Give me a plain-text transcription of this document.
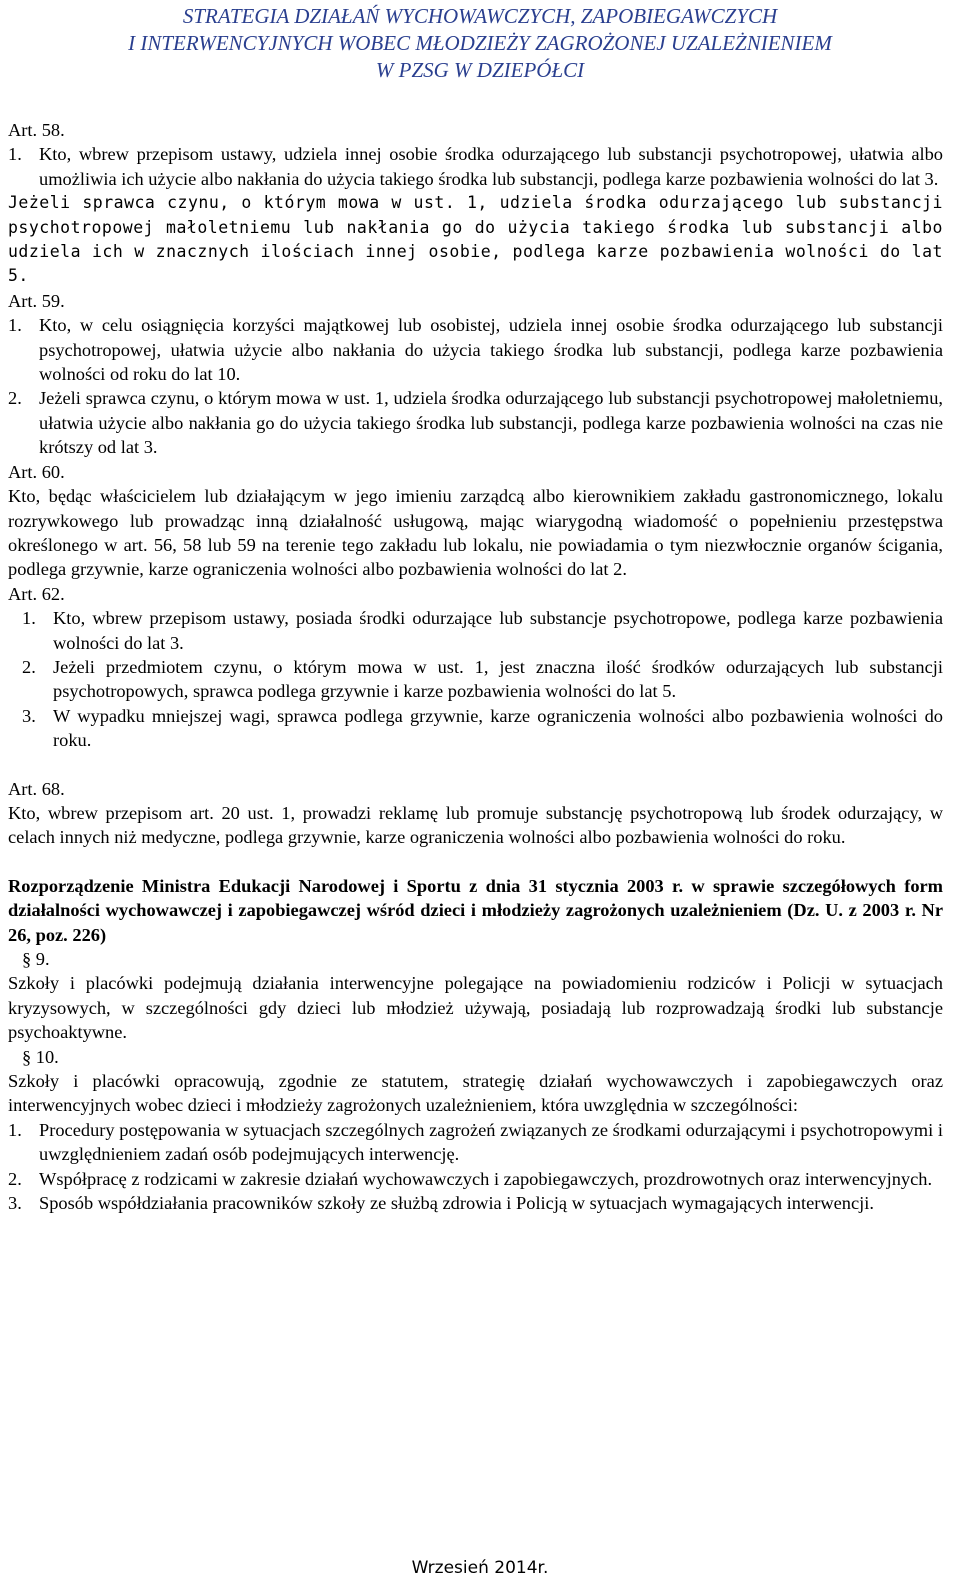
STRATEGIA DZIAŁAŃ WYCHOWAWCZYCH, ZAPOBIEGAWCZYCH
I INTERWENCYJNYCH WOBEC MŁODZIEŻY ZAGROŻONEJ UZALEŻNIENIEM
W PZSG W DZIEPÓŁCI

Art. 58.

1. Kto, wbrew przepisom ustawy, udziela innej osobie środka odurzającego lub substancji psychotropowej, ułatwia albo umożliwia ich użycie albo nakłania do użycia takiego środka lub substancji, podlega karze pozbawienia wolności do lat 3.

Jeżeli sprawca czynu, o którym mowa w ust. 1, udziela środka odurzającego lub substancji psychotropowej małoletniemu lub nakłania go do użycia takiego środka lub substancji albo udziela ich w znacznych ilościach innej osobie, podlega karze pozbawienia wolności do lat 5.

Art. 59.

1. Kto, w celu osiągnięcia korzyści majątkowej lub osobistej, udziela innej osobie środka odurzającego lub substancji psychotropowej, ułatwia użycie albo nakłania do użycia takiego środka lub substancji, podlega karze pozbawienia wolności od roku do lat 10.
2. Jeżeli sprawca czynu, o którym mowa w ust. 1, udziela środka odurzającego lub substancji psychotropowej małoletniemu, ułatwia użycie albo nakłania go do użycia takiego środka lub substancji, podlega karze pozbawienia wolności na czas nie krótszy od lat 3.

Art. 60.

Kto, będąc właścicielem lub działającym w jego imieniu zarządcą albo kierownikiem zakładu gastronomicznego, lokalu rozrywkowego lub prowadząc inną działalność usługową, mając wiarygodną wiadomość o popełnieniu przestępstwa określonego w art. 56, 58 lub 59 na terenie tego zakładu lub lokalu, nie powiadamia o tym niezwłocznie organów ścigania, podlega grzywnie, karze ograniczenia wolności albo pozbawienia wolności do lat 2.

Art. 62.

1. Kto, wbrew przepisom ustawy, posiada środki odurzające lub substancje psychotropowe, podlega karze pozbawienia wolności do lat 3.
2. Jeżeli przedmiotem czynu, o którym mowa w ust. 1, jest znaczna ilość środków odurzających lub substancji psychotropowych, sprawca podlega grzywnie i karze pozbawienia wolności do lat 5.
3. W wypadku mniejszej wagi, sprawca podlega grzywnie, karze ograniczenia wolności albo pozbawienia wolności do roku.

Art. 68.

Kto, wbrew przepisom art. 20 ust. 1, prowadzi reklamę lub promuje substancję psychotropową lub środek odurzający, w celach innych niż medyczne, podlega grzywnie, karze ograniczenia wolności albo pozbawienia wolności do roku.

Rozporządzenie Ministra Edukacji Narodowej i Sportu z dnia 31 stycznia 2003 r. w sprawie szczegółowych form działalności wychowawczej i zapobiegawczej wśród dzieci i młodzieży zagrożonych uzależnieniem (Dz. U. z 2003 r. Nr 26, poz. 226)

§ 9.

Szkoły i placówki podejmują działania interwencyjne polegające na powiadomieniu rodziców i Policji w sytuacjach kryzysowych, w szczególności gdy dzieci lub młodzież używają, posiadają lub rozprowadzają środki lub substancje psychoaktywne.

§ 10.

Szkoły i placówki opracowują, zgodnie ze statutem, strategię działań wychowawczych i zapobiegawczych oraz interwencyjnych wobec dzieci i młodzieży zagrożonych uzależnieniem, która uwzględnia w szczególności:

1. Procedury postępowania w sytuacjach szczególnych zagrożeń związanych ze środkami odurzającymi i psychotropowymi i uwzględnieniem zadań osób podejmujących interwencję.
2. Współpracę z rodzicami w zakresie działań wychowawczych i zapobiegawczych, prozdrowotnych oraz interwencyjnych.
3. Sposób współdziałania pracowników szkoły ze służbą zdrowia i Policją w sytuacjach wymagających interwencji.
Wrzesień 2014r.
